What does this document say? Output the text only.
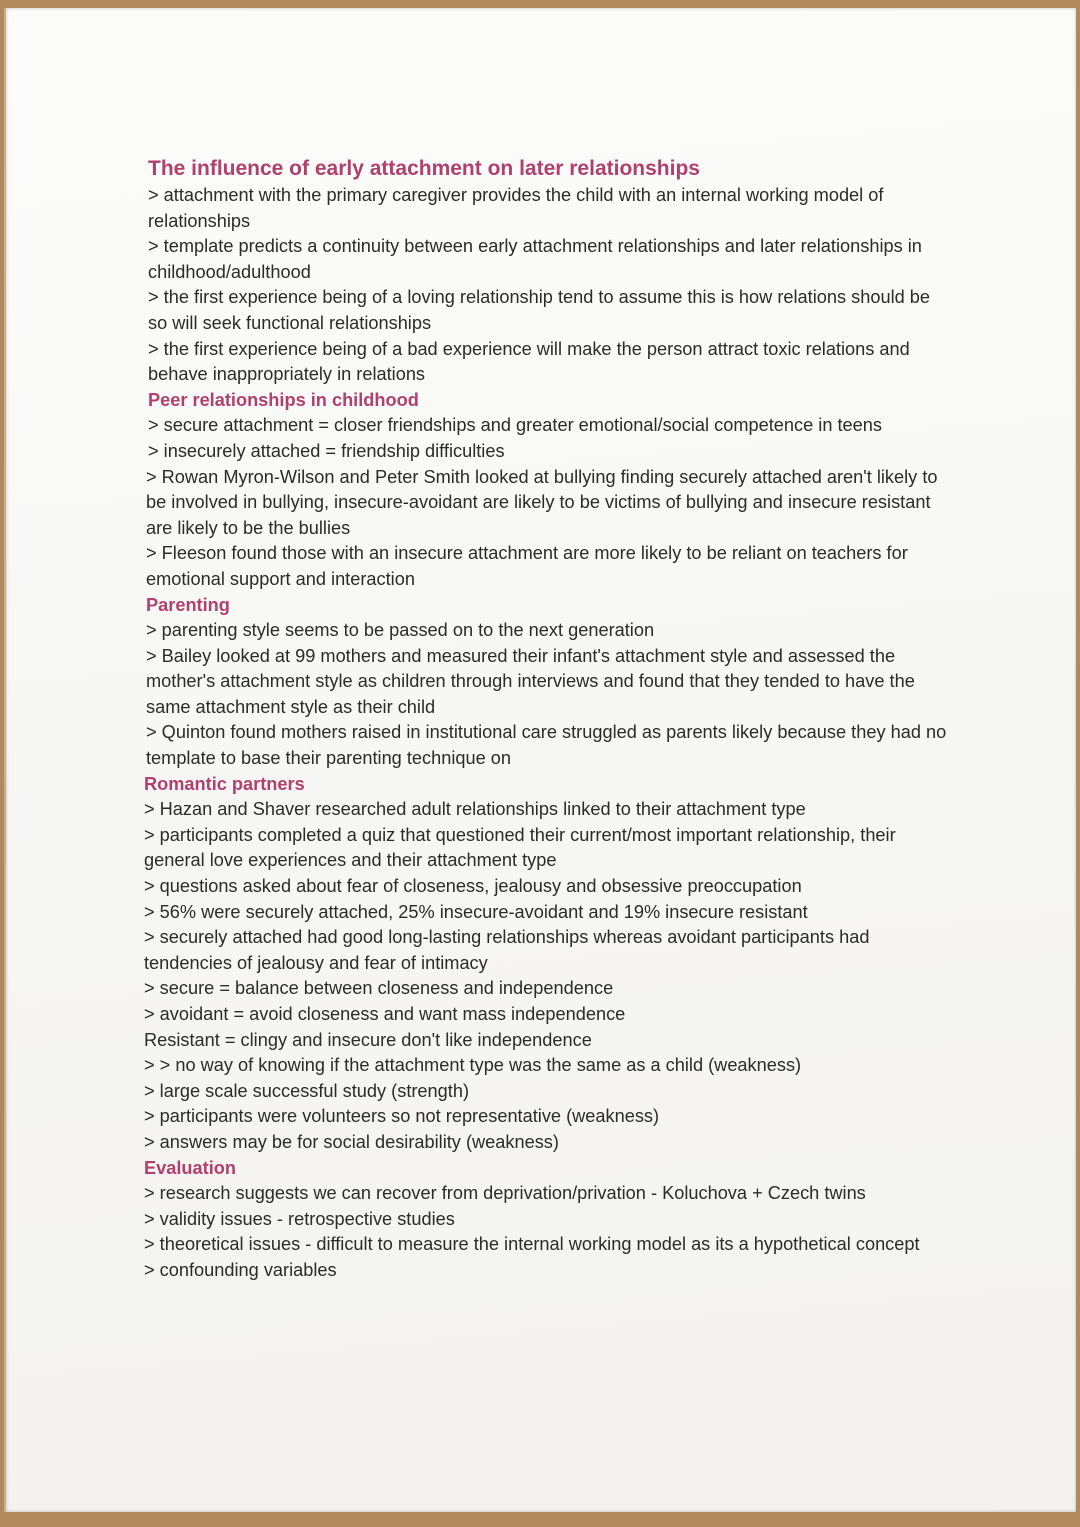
The influence of early attachment on later relationships
> attachment with the primary caregiver provides the child with an internal working model of relationships
> template predicts a continuity between early attachment relationships and later relationships in childhood/adulthood
> the first experience being of a loving relationship tend to assume this is how relations should be so will seek functional relationships
> the first experience being of a bad experience will make the person attract toxic relations and behave inappropriately in relations
Peer relationships in childhood
> secure attachment = closer friendships and greater emotional/social competence in teens
> insecurely attached = friendship difficulties
> Rowan Myron-Wilson and Peter Smith looked at bullying finding securely attached aren't likely to be involved in bullying, insecure-avoidant are likely to be victims of bullying and insecure resistant are likely to be the bullies
> Fleeson found those with an insecure attachment are more likely to be reliant on teachers for emotional support and interaction
Parenting
> parenting style seems to be passed on to the next generation
> Bailey looked at 99 mothers and measured their infant's attachment style and assessed the mother's attachment style as children through interviews and found that they tended to have the same attachment style as their child
> Quinton found mothers raised in institutional care struggled as parents likely because they had no template to base their parenting technique on
Romantic partners
> Hazan and Shaver researched adult relationships linked to their attachment type
> participants completed a quiz that questioned their current/most important relationship, their general love experiences and their attachment type
> questions asked about fear of closeness, jealousy and obsessive preoccupation
> 56% were securely attached, 25% insecure-avoidant and 19% insecure resistant
> securely attached had good long-lasting relationships whereas avoidant participants had tendencies of jealousy and fear of intimacy
> secure = balance between closeness and independence
> avoidant = avoid closeness and want mass independence
Resistant = clingy and insecure don't like independence
> > no way of knowing if the attachment type was the same as a child (weakness)
> large scale successful study (strength)
> participants were volunteers so not representative (weakness)
> answers may be for social desirability (weakness)
Evaluation
> research suggests we can recover from deprivation/privation - Koluchova + Czech twins
> validity issues - retrospective studies
> theoretical issues - difficult to measure the internal working model as its a hypothetical concept
> confounding variables
